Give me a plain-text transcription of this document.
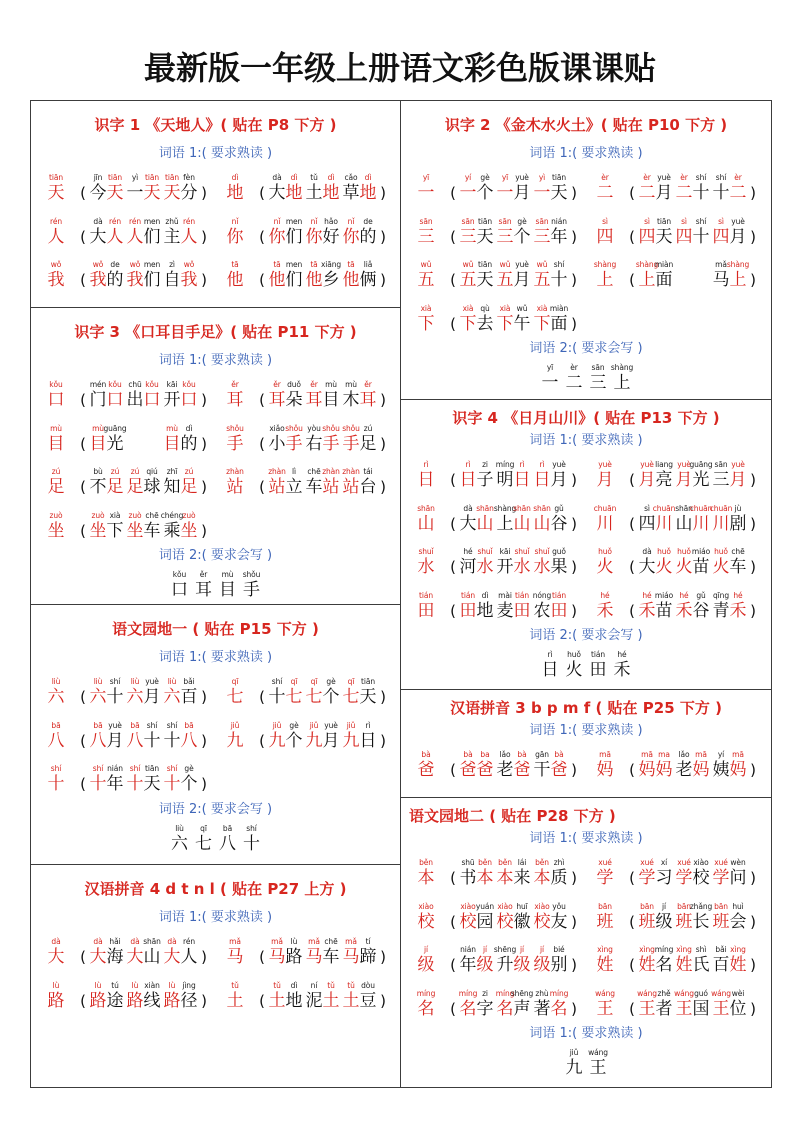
最新版一年级上册语文彩色版课课贴
识字 1 《天地人》( 贴在 P8 下方 )
词语 1:( 要求熟读 )
tiān
天 (
jīn
今
tiān
天
yì
一
tiān
天
tiān
天
fèn
分 )
dì
地 (
dà
大
dì
地
tǔ
土
dì
地
cǎo
草
dì
地 )
rén
人 (
dà
大
rén
人
rén
人
men
们
zhǔ
主
rén
人 )
nǐ
你 (
nǐ
你
men
们
nǐ
你
hǎo
好
nǐ
你
de
的 )
wǒ
我 (
wǒ
我
de
的
wǒ
我
men
们
zì
自
wǒ
我 )
tā
他 (
tā
他
men
们
tā
他
xiāng
乡
tā
他
liǎ
俩 )
识字 3 《口耳目手足》( 贴在 P11 下方 )
词语 1:( 要求熟读 )
kǒu
口 (
mén
门
kǒu
口
chū
出
kǒu
口
kāi
开
kǒu
口 )
ěr
耳 (
ěr
耳
duǒ
朵
ěr
耳
mù
目
mù
木
ěr
耳 )
mù
目 (
mù
目
guāng
光
mù
目
dì
的 )
shǒu
手 (
xiǎo
小
shǒu
手
yòu
右
shǒu
手
shǒu
手
zú
足 )
zú
足 (
bù
不
zú
足
zú
足
qiú
球
zhī
知
zú
足 )
zhàn
站 (
zhàn
站
lì
立
chē
车
zhàn
站
zhàn
站
tái
台 )
zuò
坐 (
zuò
坐
xià
下
zuò
坐
chē
车
chéng
乘
zuò
坐 )
词语 2:( 要求会写 )
kǒu
口
ěr
耳
mù
目
shǒu
手
语文园地一 ( 贴在 P15 下方 )
词语 1:( 要求熟读 )
liù
六 (
liù
六
shí
十
liù
六
yuè
月
liù
六
bǎi
百 )
qī
七 (
shí
十
qī
七
qī
七
gè
个
qī
七
tiān
天 )
bā
八 (
bā
八
yuè
月
bā
八
shí
十
shí
十
bā
八 )
jiǔ
九 (
jiǔ
九
gè
个
jiǔ
九
yuè
月
jiǔ
九
rì
日 )
shí
十 (
shí
十
nián
年
shí
十
tiān
天
shí
十
gè
个 )
词语 2:( 要求会写 )
liù
六
qī
七
bā
八
shí
十
汉语拼音 4 d t n l ( 贴在 P27 上方 )
词语 1:( 要求熟读 )
dà
大 (
dà
大
hǎi
海
dà
大
shān
山
dà
大
rén
人 )
mǎ
马 (
mǎ
马
lù
路
mǎ
马
chē
车
mǎ
马
tí
蹄 )
lù
路 (
lù
路
tú
途
lù
路
xiàn
线
lù
路
jìng
径 )
tǔ
土 (
tǔ
土
dì
地
ní
泥
tǔ
土
tǔ
土
dòu
豆 )
识字 2 《金木水火土》( 贴在 P10 下方 )
词语 1:( 要求熟读 )
yī
一 (
yí
一
gè
个
yī
一
yuè
月
yì
一
tiān
天 )
èr
二 (
èr
二
yuè
月
èr
二
shí
十
shí
十
èr
二 )
sān
三 (
sān
三
tiān
天
sān
三
gè
个
sān
三
nián
年 )
sì
四 (
sì
四
tiān
天
sì
四
shí
十
sì
四
yuè
月 )
wǔ
五 (
wǔ
五
tiān
天
wǔ
五
yuè
月
wǔ
五
shí
十 )
shàng
上 (
shàng
上
miàn
面
mǎ
马
shàng
上 )
xià
下 (
xià
下
qù
去
xià
下
wǔ
午
xià
下
miàn
面 )
词语 2:( 要求会写 )
yī
一
èr
二
sān
三
shàng
上
识字 4 《日月山川》( 贴在 P13 下方 )
词语 1:( 要求熟读 )
rì
日 (
rì
日
zi
子
míng
明
rì
日
rì
日
yuè
月 )
yuè
月 (
yuè
月
liang
亮
yuè
月
guāng
光
sān
三
yuè
月 )
shān
山 (
dà
大
shān
山
shàng
上
shān
山
shān
山
gǔ
谷 )
chuān
川 (
sì
四
chuān
川
shān
山
chuān
川
chuān
川
jù
剧 )
shuǐ
水 (
hé
河
shuǐ
水
kāi
开
shuǐ
水
shuǐ
水
guǒ
果 )
huǒ
火 (
dà
大
huǒ
火
huǒ
火
miáo
苗
huǒ
火
chē
车 )
tián
田 (
tián
田
dì
地
mài
麦
tián
田
nóng
农
tián
田 )
hé
禾 (
hé
禾
miáo
苗
hé
禾
gǔ
谷
qīng
青
hé
禾 )
词语 2:( 要求会写 )
rì
日
huǒ
火
tián
田
hé
禾
汉语拼音 3 b p m f ( 贴在 P25 下方 )
词语 1:( 要求熟读 )
bà
爸 (
bà
爸
ba
爸
lǎo
老
bà
爸
gān
干
bà
爸 )
mā
妈 (
mā
妈
ma
妈
lǎo
老
mā
妈
yí
姨
mā
妈 )
语文园地二 ( 贴在 P28 下方 )
词语 1:( 要求熟读 )
běn
本 (
shū
书
běn
本
běn
本
lái
来
běn
本
zhì
质 )
xué
学 (
xué
学
xí
习
xué
学
xiào
校
xué
学
wèn
问 )
xiào
校 (
xiào
校
yuán
园
xiào
校
huī
徽
xiào
校
yǒu
友 )
bān
班 (
bān
班
jí
级
bān
班
zhǎng
长
bān
班
huì
会 )
jí
级 (
nián
年
jí
级
shēng
升
jí
级
jí
级
bié
别 )
xìng
姓 (
xìng
姓
míng
名
xìng
姓
shì
氏
bǎi
百
xìng
姓 )
míng
名 (
míng
名
zi
字
míng
名
shēng
声
zhù
著
míng
名 )
wáng
王 (
wáng
王
zhě
者
wáng
王
guó
国
wáng
王
wèi
位 )
词语 1:( 要求熟读 )
jiǔ
九
wáng
王
